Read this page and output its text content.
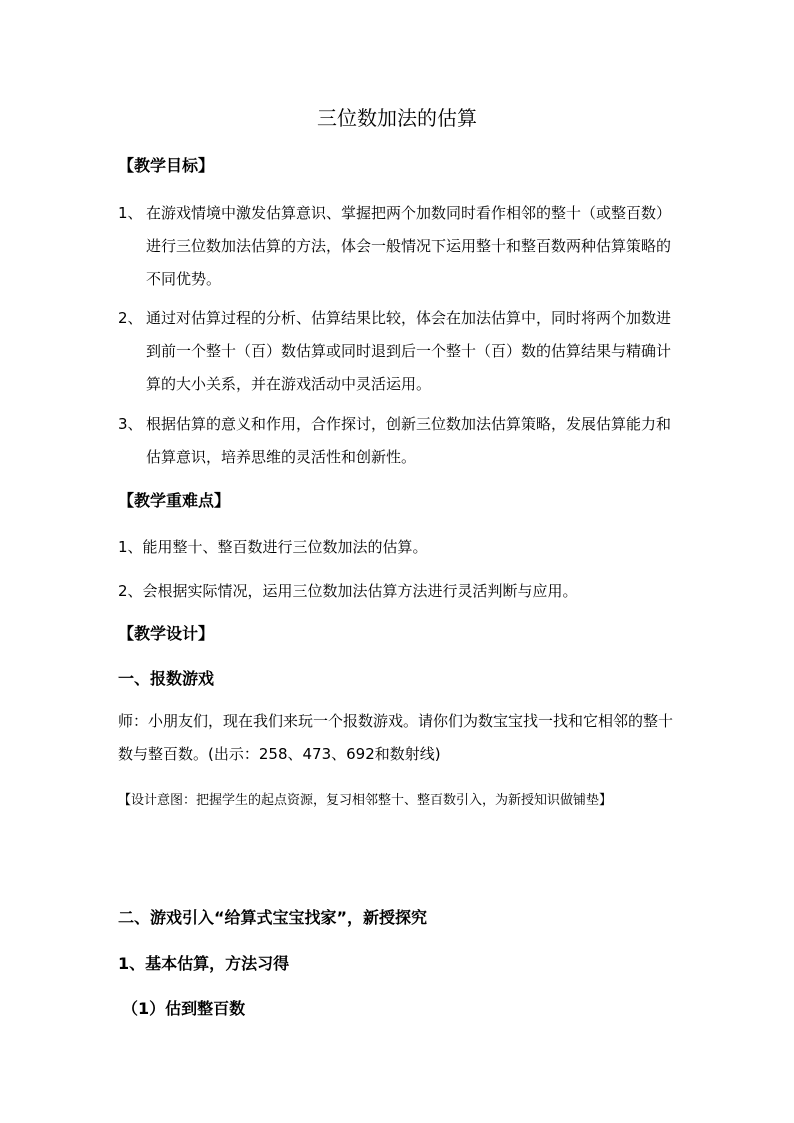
三位数加法的估算
【教学目标】
1、 在游戏情境中激发估算意识、掌握把两个加数同时看作相邻的整十（或整百数）进行三位数加法估算的方法，体会一般情况下运用整十和整百数两种估算策略的不同优势。
2、 通过对估算过程的分析、估算结果比较，体会在加法估算中，同时将两个加数进到前一个整十（百）数估算或同时退到后一个整十（百）数的估算结果与精确计算的大小关系，并在游戏活动中灵活运用。
3、 根据估算的意义和作用，合作探讨，创新三位数加法估算策略，发展估算能力和估算意识，培养思维的灵活性和创新性。
【教学重难点】
1、能用整十、整百数进行三位数加法的估算。
2、会根据实际情况，运用三位数加法估算方法进行灵活判断与应用。
【教学设计】
一、报数游戏
师：小朋友们，现在我们来玩一个报数游戏。请你们为数宝宝找一找和它相邻的整十数与整百数。(出示：258、473、692和数射线)
【设计意图：把握学生的起点资源，复习相邻整十、整百数引入，为新授知识做铺垫】
二、游戏引入“给算式宝宝找家”，新授探究
1、基本估算，方法习得
（1）估到整百数
